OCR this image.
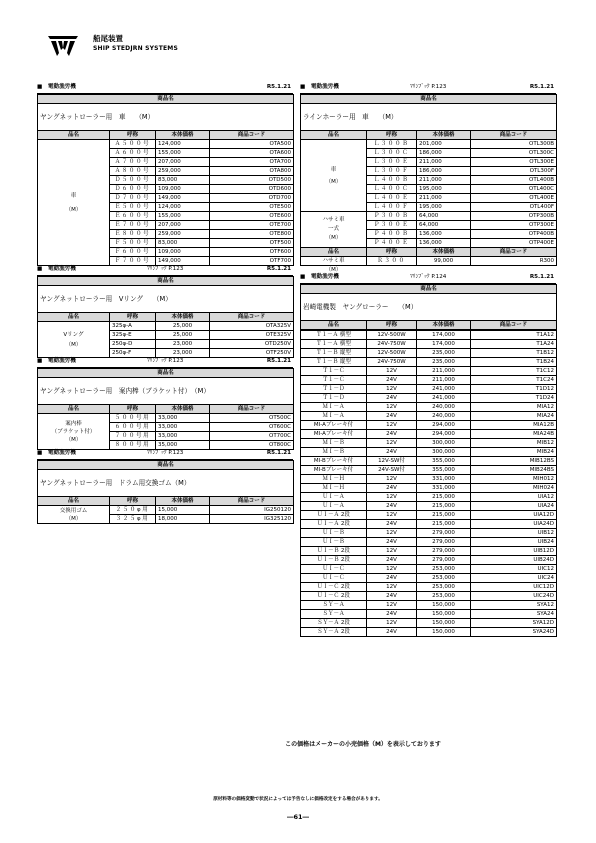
船尾装置
SHIP STEDJRN SYSTEMS
■　電動漁労機	R5.1.21
商品名			
ヤングネットローラー用　車　　（M）			
品名	呼称	本体価格	商品コード

車
（M）	Ａ５００号	124,000	OTA500
	Ａ６００号	155,000	OTA600
	Ａ７００号	207,000	OTA700
	Ａ８００号	259,000	OTA800
	Ｄ５００号	83,000	OTD500
	Ｄ６００号	109,000	OTD600
	Ｄ７００号	149,000	OTD700
	Ｅ５００号	124,000	OTE500
	Ｅ６００号	155,000	OTE600
	Ｅ７００号	207,000	OTE700
	Ｅ８００号	259,000	OTE800
	Ｆ５００号	83,000	OTF500
	Ｆ６００号	109,000	OTF600
	Ｆ７００号	149,000	OTF700
■　電動漁労機	ﾏﾘﾝﾌﾞｯｸ P.123	R5.1.21
商品名			
ヤングネットローラー用　Vリング　　（M）			
品名	呼称	本体価格	商品コード

Vリング
（M）	325φ-A	25,000	OTA325V
	325φ-E	25,000	OTE325V
	250φ-D	23,000	OTD250V
	250φ-F	23,000	OTF250V
■　電動漁労機	ﾏﾘﾝﾌﾞｯｸ P.123	R5.1.21
商品名			
ヤングネットローラー用　案内棒（ブラケット付）　（M）			
品名	呼称	本体価格	商品コード

案内棒
（ブラケット付）
（M）	５００号用	33,000	OT500C
	６００号用	33,000	OT600C
	７００号用	33,000	OT700C
	８００号用	35,000	OT800C
■　電動漁労機	ﾏﾘﾝﾌﾞｯｸ P.123	R5.1.21
商品名			
ヤングネットローラー用　ドラム用交換ゴム（M）			
品名	呼称	本体価格	商品コード

交換用ゴム
（M）	２５０φ用	15,000	IG250120
	３２５φ用	18,000	IG325120
■　電動漁労機	ﾏﾘﾝﾌﾞｯｸ P.123	R5.1.21
商品名			
ラインホーラー用　車　　（M）			
品名	呼称	本体価格	商品コード

車
（M）	Ｌ３００Ｂ	201,000	OTL300B
	Ｌ３００Ｃ	186,000	OTL300C
	Ｌ３００Ｅ	211,000	OTL300E
	Ｌ３００Ｆ	186,000	OTL300F
	Ｌ４００Ｂ	211,000	OTL400B
	Ｌ４００Ｃ	195,000	OTL400C
	Ｌ４００Ｅ	211,000	OTL400E
	Ｌ４００Ｆ	195,000	OTL400F

ハサミ車
一式
（M）	Ｐ３００Ｂ	64,000	OTP300B
	Ｐ３００Ｅ	64,000	OTP300E
	Ｐ４００Ｂ	136,000	OTP400B
	Ｐ４００Ｅ	136,000	OTP400E
品名	呼称	本体価格	商品コード
ハサミ車	Ｒ３００	99,000	R300
（M）			
■　電動漁労機	ﾏﾘﾝﾌﾞｯｸ P.124	R5.1.21
商品名
岩崎電機製　ヤングローラー　　（M）
品名	呼称	本体価格	商品コード
Ｔ１－Ａ 横型	12V-500W	174,000	T1A12
Ｔ１－Ａ 横型	24V-750W	174,000	T1A24
Ｔ１－Ｂ 縦型	12V-500W	235,000	T1B12
Ｔ１－Ｂ 縦型	24V-750W	235,000	T1B24
Ｔ１－Ｃ	12V	211,000	T1C12
Ｔ１－Ｃ	24V	211,000	T1C24
Ｔ１－Ｄ	12V	241,000	T1D12
Ｔ１－Ｄ	24V	241,000	T1D24
ＭＩ－Ａ	12V	240,000	MIA12
ＭＩ－Ａ	24V	240,000	MIA24
MI-Aブレーキ付	12V	294,000	MIA12B
MI-Aブレーキ付	24V	294,000	MIA24B
ＭＩ－Ｂ	12V	300,000	MIB12
ＭＩ－Ｂ	24V	300,000	MIB24
MI-Bブレーキ付	12V-SW付	355,000	MIB12BS
MI-Bブレーキ付	24V-SW付	355,000	MIB24BS
ＭＩ－Ｈ	12V	331,000	MIH012
ＭＩ－Ｈ	24V	331,000	MIH024
ＵＩ－Ａ	12V	215,000	UIA12
ＵＩ－Ａ	24V	215,000	UIA24
ＵＩ－Ａ 2段	12V	215,000	UIA12D
ＵＩ－Ａ 2段	24V	215,000	UIA24D
ＵＩ－Ｂ	12V	279,000	UIB12
ＵＩ－Ｂ	24V	279,000	UIB24
ＵＩ－Ｂ 2段	12V	279,000	UIB12D
ＵＩ－Ｂ 2段	24V	279,000	UIB24D
ＵＩ－Ｃ	12V	253,000	UIC12
ＵＩ－Ｃ	24V	253,000	UIC24
ＵＩ－Ｃ 2段	12V	253,000	UIC12D
ＵＩ－Ｃ 2段	24V	253,000	UIC24D
ＳＹ－Ａ	12V	150,000	SYA12
ＳＹ－Ａ	24V	150,000	SYA24
ＳＹ－Ａ 2段	12V	150,000	SYA12D
ＳＹ－Ａ 2段	24V	150,000	SYA24D
この価格はメーカーの小売価格（M）を表示しております
原材料等の価格変動で状況によっては予告なしに価格改定をする場合があります。
―61―
